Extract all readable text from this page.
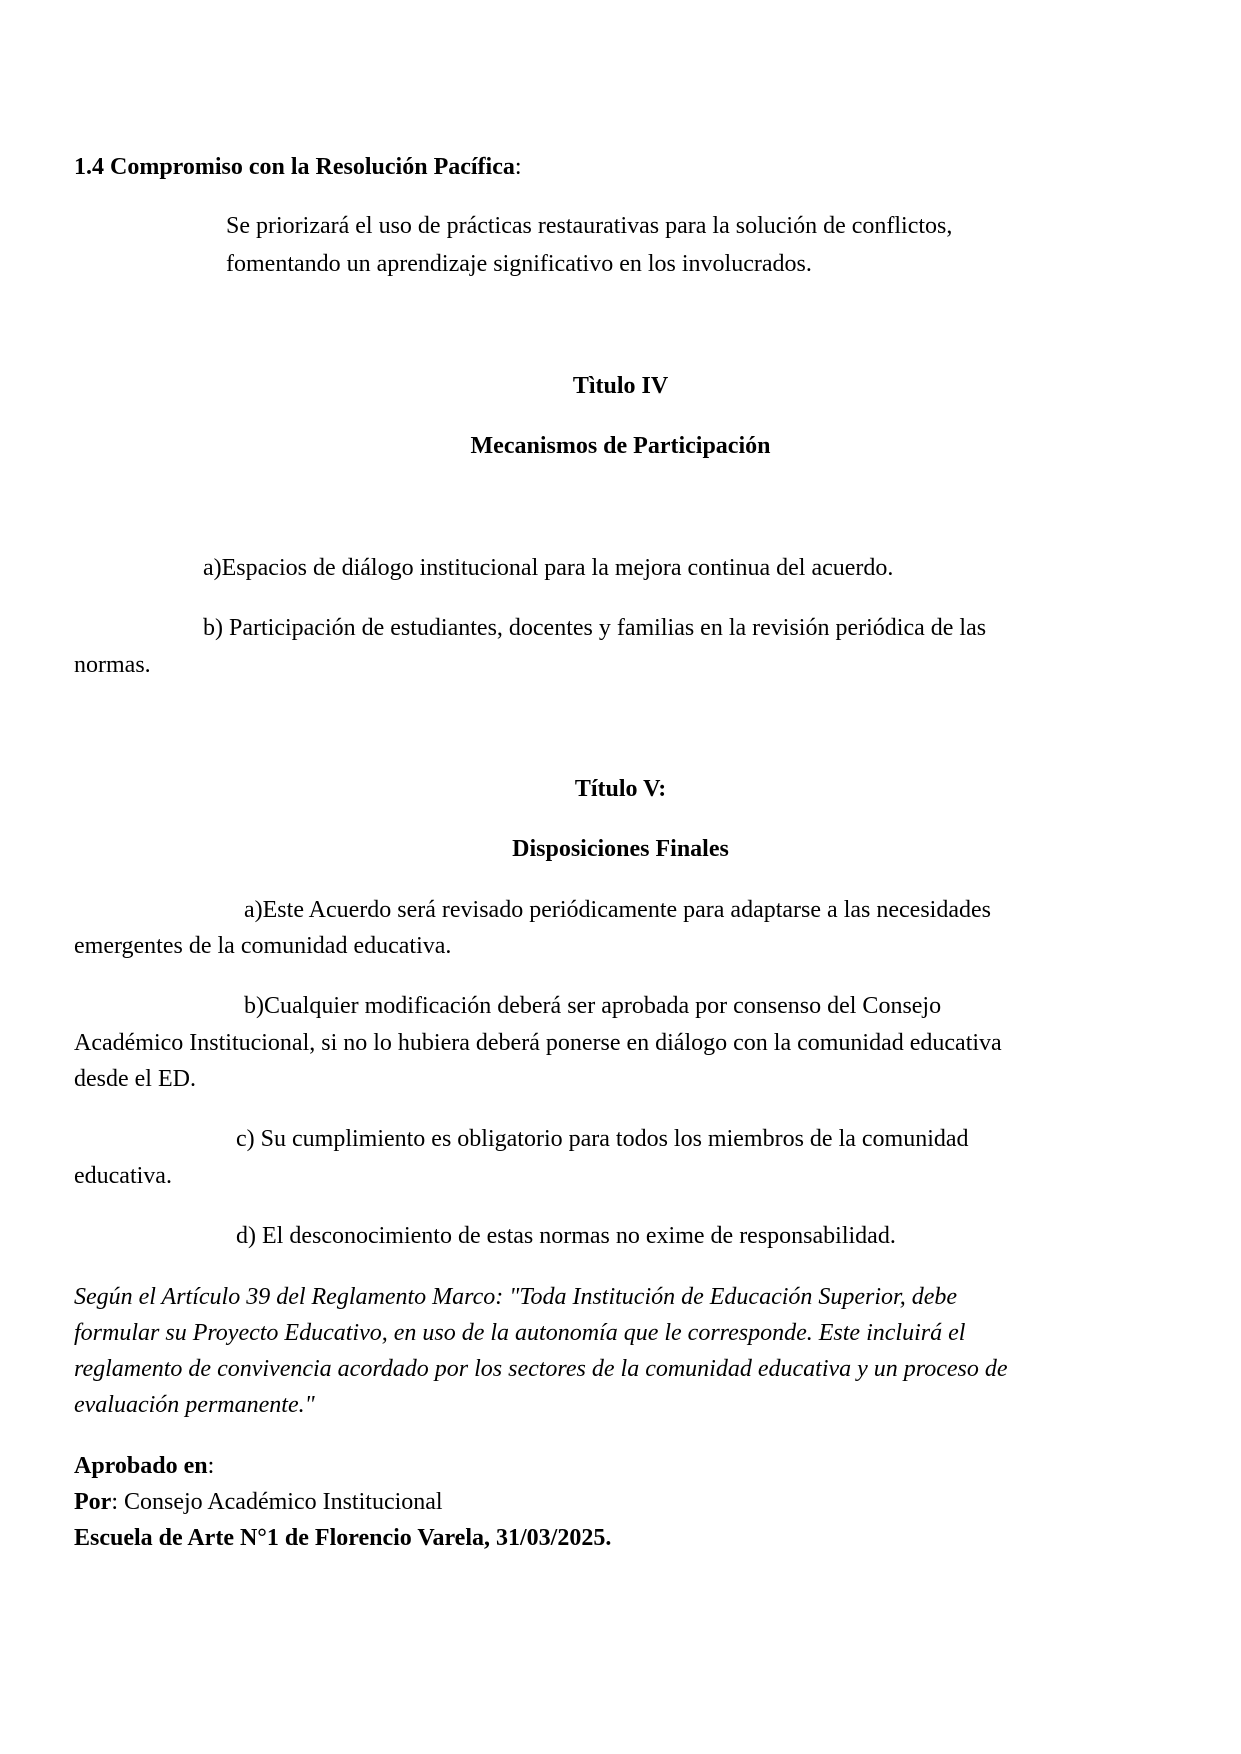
1.4 Compromiso con la Resolución Pacífica:

Se priorizará el uso de prácticas restaurativas para la solución de conflictos,

fomentando un aprendizaje significativo en los involucrados.

Tìtulo IV

Mecanismos de Participación

a)Espacios de diálogo institucional para la mejora continua del acuerdo.

b) Participación de estudiantes, docentes y familias en la revisión periódica de las

normas.

Título V:

Disposiciones Finales

a)Este Acuerdo será revisado periódicamente para adaptarse a las necesidades

emergentes de la comunidad educativa.

b)Cualquier modificación deberá ser aprobada por consenso del Consejo

Académico Institucional, si no lo hubiera deberá ponerse en diálogo con la comunidad educativa

desde el ED.

c) Su cumplimiento es obligatorio para todos los miembros de la comunidad

educativa.

d) El desconocimiento de estas normas no exime de responsabilidad.

Según el Artículo 39 del Reglamento Marco: "Toda Institución de Educación Superior, debe

formular su Proyecto Educativo, en uso de la autonomía que le corresponde. Este incluirá el

reglamento de convivencia acordado por los sectores de la comunidad educativa y un proceso de

evaluación permanente."

Aprobado en:

Por: Consejo Académico Institucional

Escuela de Arte N°1 de Florencio Varela, 31/03/2025.
